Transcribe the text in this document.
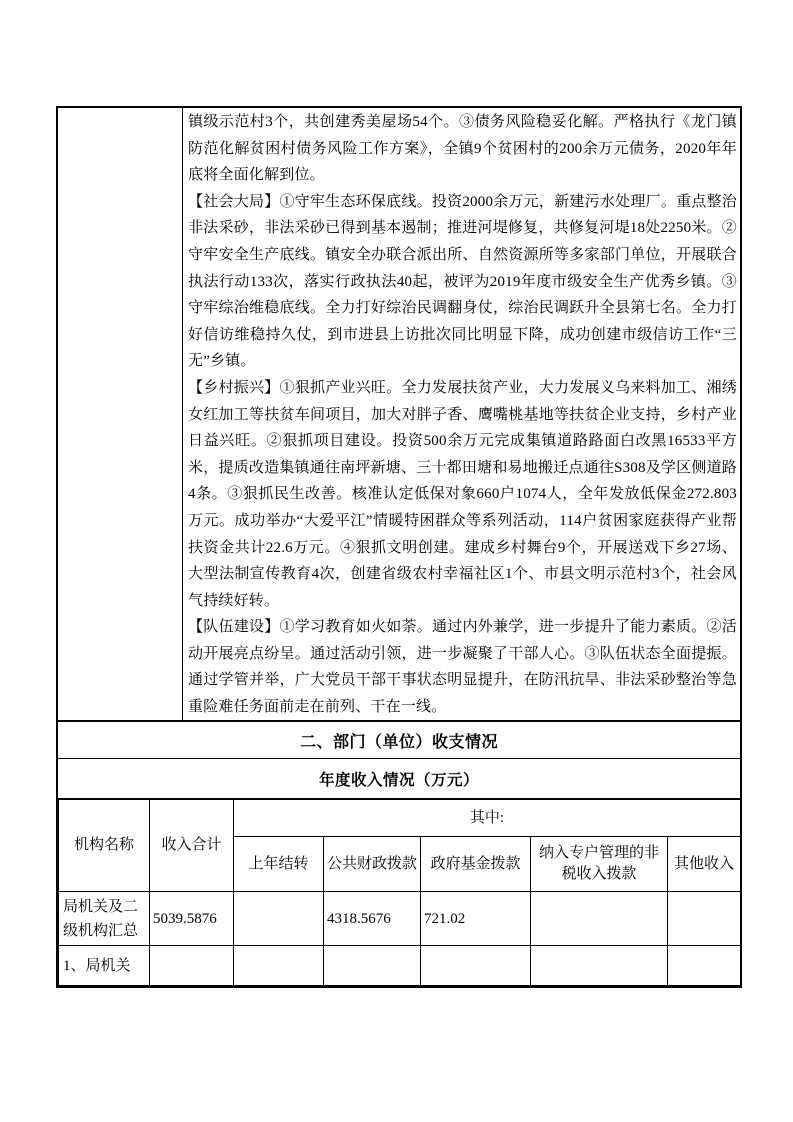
镇级示范村3个，共创建秀美屋场54个。③债务风险稳妥化解。严格执行《龙门镇防范化解贫困村债务风险工作方案》，全镇9个贫困村的200余万元债务，2020年年底将全面化解到位。

【社会大局】①守牢生态环保底线。投资2000余万元，新建污水处理厂。重点整治非法采砂，非法采砂已得到基本遏制；推进河堤修复，共修复河堤18处2250米。②守牢安全生产底线。镇安全办联合派出所、自然资源所等多家部门单位，开展联合执法行动133次，落实行政执法40起，被评为2019年度市级安全生产优秀乡镇。③守牢综治维稳底线。全力打好综治民调翻身仗，综治民调跃升全县第七名。全力打好信访维稳持久仗，到市进县上访批次同比明显下降，成功创建市级信访工作“三无”乡镇。

【乡村振兴】①狠抓产业兴旺。全力发展扶贫产业，大力发展义乌来料加工、湘绣女红加工等扶贫车间项目，加大对胖子香、鹰嘴桃基地等扶贫企业支持，乡村产业日益兴旺。②狠抓项目建设。投资500余万元完成集镇道路路面白改黑16533平方米，提质改造集镇通往南坪新塘、三十都田塘和易地搬迁点通往S308及学区侧道路4条。③狠抓民生改善。核准认定低保对象660户1074人，全年发放低保金272.803万元。成功举办“大爱平江”情暖特困群众等系列活动，114户贫困家庭获得产业帮扶资金共计22.6万元。④狠抓文明创建。建成乡村舞台9个，开展送戏下乡27场、大型法制宣传教育4次，创建省级农村幸福社区1个、市县文明示范村3个，社会风气持续好转。

【队伍建设】①学习教育如火如荼。通过内外兼学，进一步提升了能力素质。②活动开展亮点纷呈。通过活动引领，进一步凝聚了干部人心。③队伍状态全面提振。通过学管并举，广大党员干部干事状态明显提升，在防汛抗旱、非法采砂整治等急重险难任务面前走在前列、干在一线。

二、部门（单位）收支情况
年度收入情况（万元）
机构名称	收入合计	其中:				
		上年结转	公共财政拨款	政府基金拨款	纳入专户管理的非税收入拨款	其他收入
局机关及二级机构汇总	5039.5876		4318.5676	721.02		
1、局机关						
